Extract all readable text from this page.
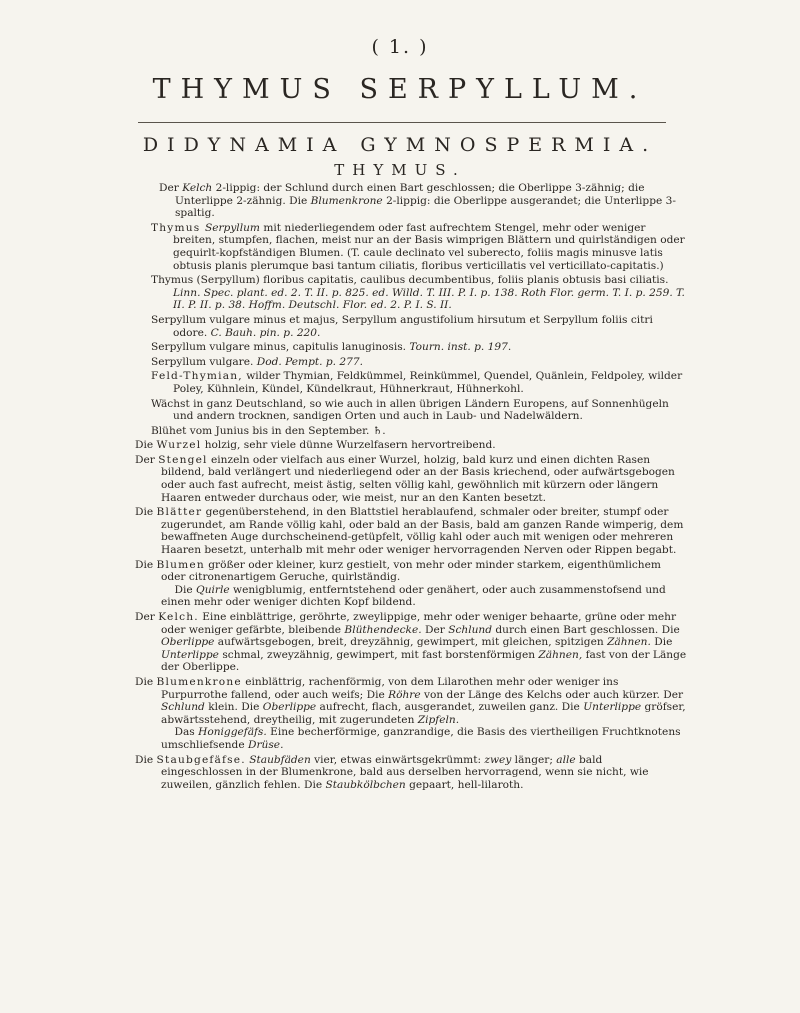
( 1. )
THYMUS SERPYLLUM.
DIDYNAMIA GYMNOSPERMIA.
THYMUS.
Der Kelch 2-lippig: der Schlund durch einen Bart geschlossen; die Oberlippe 3-zähnig; die Unterlippe 2-zähnig. Die Blumenkrone 2-lippig: die Oberlippe ausgerandet; die Unterlippe 3-spaltig.
Thymus Serpyllum mit niederliegendem oder fast aufrechtem Stengel, mehr oder weniger breiten, stumpfen, flachen, meist nur an der Basis wimprigen Blättern und quirlständigen oder gequirlt-kopfständigen Blumen. (T. caule declinato vel suberecto, foliis magis minusve latis obtusis planis plerumque basi tantum ciliatis, floribus verticillatis vel verticillato-capitatis.)
Thymus (Serpyllum) floribus capitatis, caulibus decumbentibus, foliis planis obtusis basi ciliatis. Linn. Spec. plant. ed. 2. T. II. p. 825. ed. Willd. T. III. P. I. p. 138. Roth Flor. germ. T. I. p. 259. T. II. P. II. p. 38. Hoffm. Deutschl. Flor. ed. 2. P. I. S. II.
Serpyllum vulgare minus et majus, Serpyllum angustifolium hirsutum et Serpyllum foliis citri odore. C. Bauh. pin. p. 220.
Serpyllum vulgare minus, capitulis lanuginosis. Tourn. inst. p. 197.
Serpyllum vulgare. Dod. Pempt. p. 277.
Feld-Thymian, wilder Thymian, Feldkümmel, Reinkümmel, Quendel, Quänlein, Feldpoley, wilder Poley, Kühnlein, Kündel, Kündelkraut, Hühnerkraut, Hühnerkohl.
Wächst in ganz Deutschland, so wie auch in allen übrigen Ländern Europens, auf Sonnenhügeln und andern trocknen, sandigen Orten und auch in Laub- und Nadelwäldern.
Blühet vom Junius bis in den September. ♄.
Die Wurzel holzig, sehr viele dünne Wurzelfasern hervortreibend.
Der Stengel einzeln oder vielfach aus einer Wurzel, holzig, bald kurz und einen dichten Rasen bildend, bald verlängert und niederliegend oder an der Basis kriechend, oder aufwärtsgebogen oder auch fast aufrecht, meist ästig, selten völlig kahl, gewöhnlich mit kürzern oder längern Haaren entweder durchaus oder, wie meist, nur an den Kanten besetzt.
Die Blätter gegenüberstehend, in den Blattstiel herablaufend, schmaler oder breiter, stumpf oder zugerundet, am Rande völlig kahl, oder bald an der Basis, bald am ganzen Rande wimperig, dem bewaffneten Auge durchscheinend-getüpfelt, völlig kahl oder auch mit wenigen oder mehreren Haaren besetzt, unterhalb mit mehr oder weniger hervorragenden Nerven oder Rippen begabt.
Die Blumen größer oder kleiner, kurz gestielt, von mehr oder minder starkem, eigenthümlichem oder citronenartigem Geruche, quirlständig.
Die Quirle wenigblumig, entferntstehend oder genähert, oder auch zusammenstofsend und einen mehr oder weniger dichten Kopf bildend.
Der Kelch. Eine einblättrige, geröhrte, zweylippige, mehr oder weniger behaarte, grüne oder mehr oder weniger gefärbte, bleibende Blüthendecke. Der Schlund durch einen Bart geschlossen. Die Oberlippe aufwärtsgebogen, breit, dreyzähnig, gewimpert, mit gleichen, spitzigen Zähnen. Die Unterlippe schmal, zweyzähnig, gewimpert, mit fast borstenförmigen Zähnen, fast von der Länge der Oberlippe.
Die Blumenkrone einblättrig, rachenförmig, von dem Lilarothen mehr oder weniger ins Purpurrothe fallend, oder auch weifs; Die Röhre von der Länge des Kelchs oder auch kürzer. Der Schlund klein. Die Oberlippe aufrecht, flach, ausgerandet, zuweilen ganz. Die Unterlippe gröfser, abwärtsstehend, dreytheilig, mit zugerundeten Zipfeln.
Das Honiggefäfs. Eine becherförmige, ganzrandige, die Basis des viertheiligen Fruchtknotens umschliefsende Drüse.
Die Staubgefäfse. Staubfäden vier, etwas einwärtsgekrümmt: zwey länger; alle bald eingeschlossen in der Blumenkrone, bald aus derselben hervorragend, wenn sie nicht, wie zuweilen, gänzlich fehlen. Die Staubkölbchen gepaart, hell-lilaroth.
